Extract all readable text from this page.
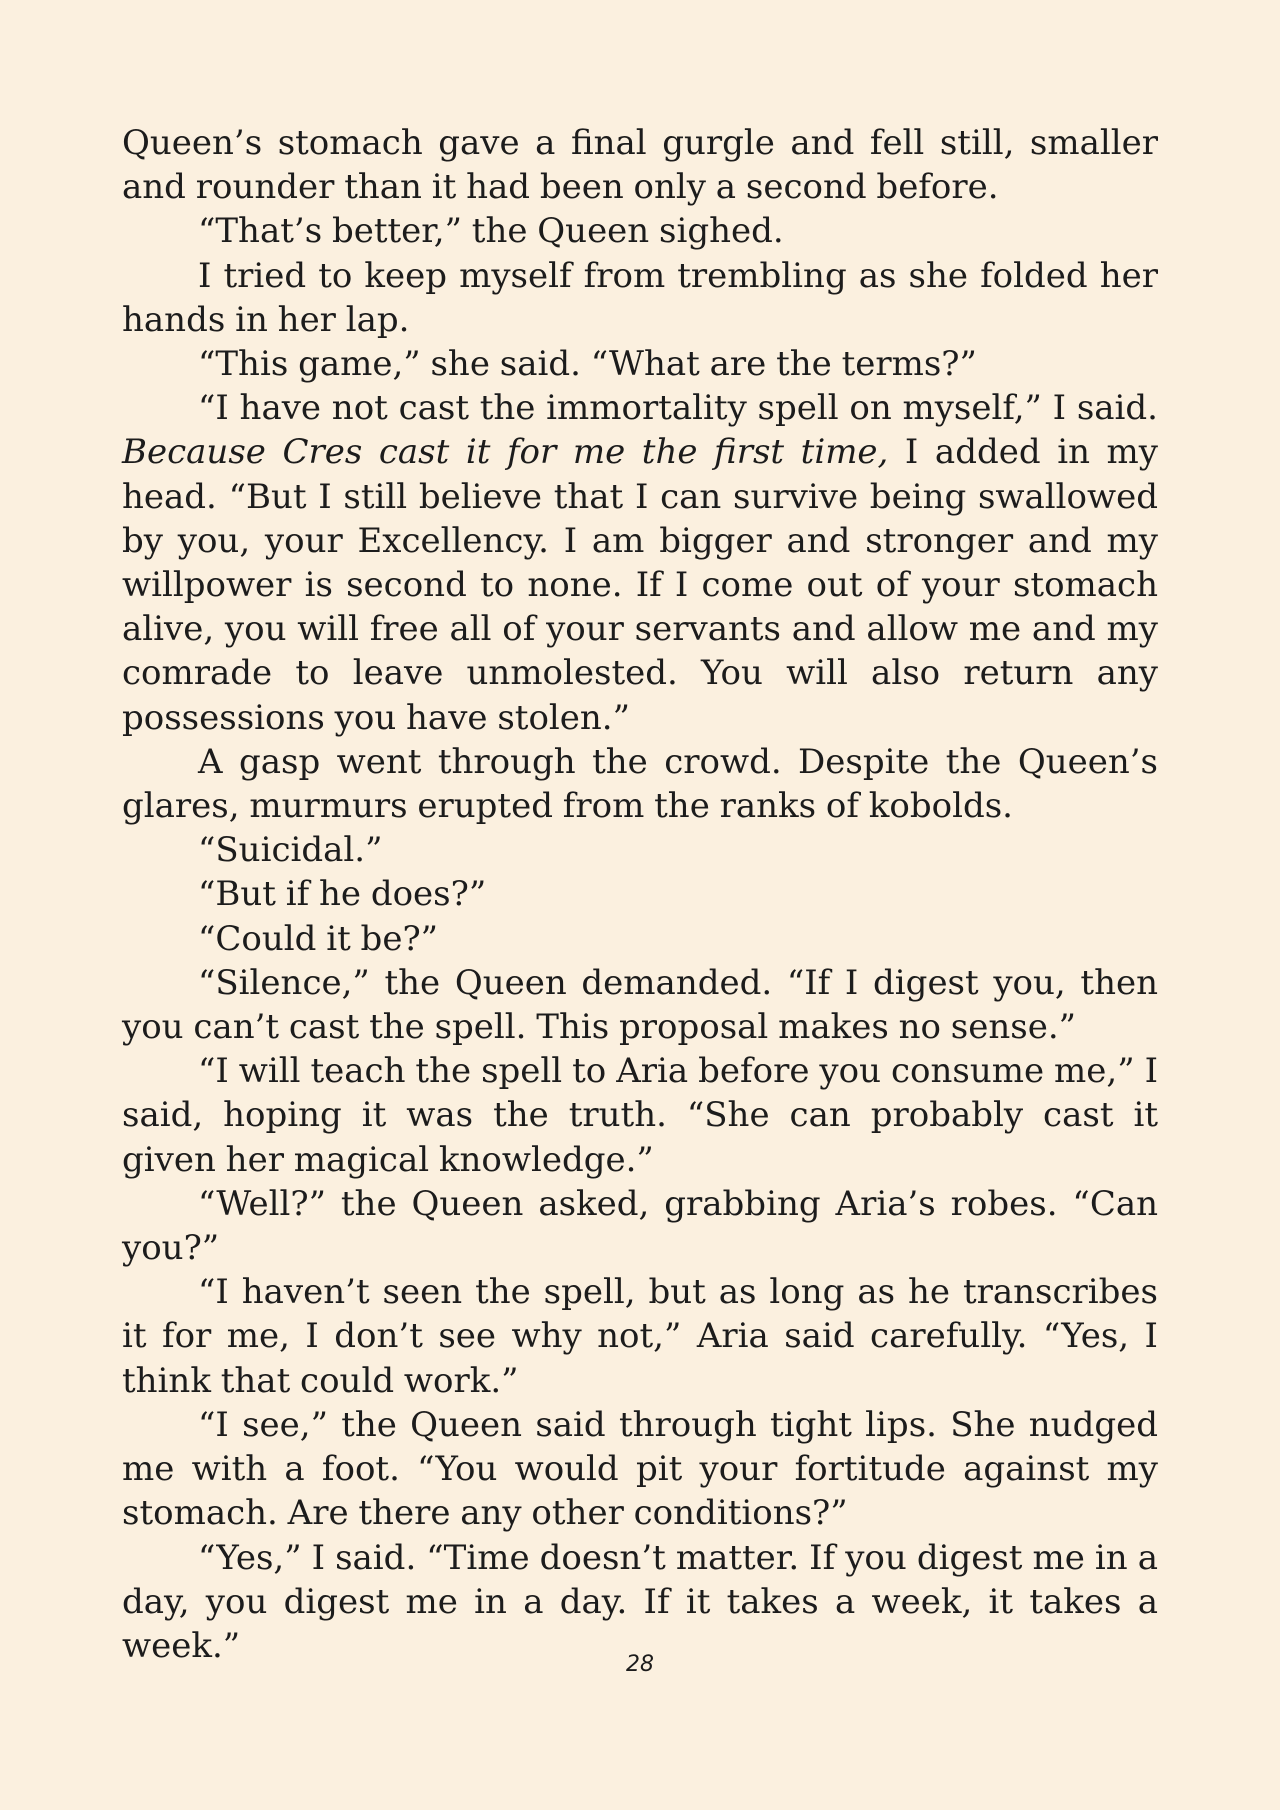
Queen’s stomach gave a final gurgle and fell still, smaller and rounder than it had been only a second before.

“That’s better,” the Queen sighed.

I tried to keep myself from trembling as she folded her hands in her lap.

“This game,” she said. “What are the terms?”

“I have not cast the immortality spell on myself,” I said. Because Cres cast it for me the first time, I added in my head. “But I still believe that I can survive being swallowed by you, your Excellency. I am bigger and stronger and my willpower is second to none. If I come out of your stomach alive, you will free all of your servants and allow me and my comrade to leave unmolested. You will also return any possessions you have stolen.”

A gasp went through the crowd. Despite the Queen’s glares, murmurs erupted from the ranks of kobolds.

“Suicidal.”

“But if he does?”

“Could it be?”

“Silence,” the Queen demanded. “If I digest you, then you can’t cast the spell. This proposal makes no sense.”

“I will teach the spell to Aria before you consume me,” I said, hoping it was the truth. “She can probably cast it given her magical knowledge.”

“Well?” the Queen asked, grabbing Aria’s robes. “Can you?”

“I haven’t seen the spell, but as long as he transcribes it for me, I don’t see why not,” Aria said carefully. “Yes, I think that could work.”

“I see,” the Queen said through tight lips. She nudged me with a foot. “You would pit your fortitude against my stomach. Are there any other conditions?”

“Yes,” I said. “Time doesn’t matter. If you digest me in a day, you digest me in a day. If it takes a week, it takes a week.”	28
